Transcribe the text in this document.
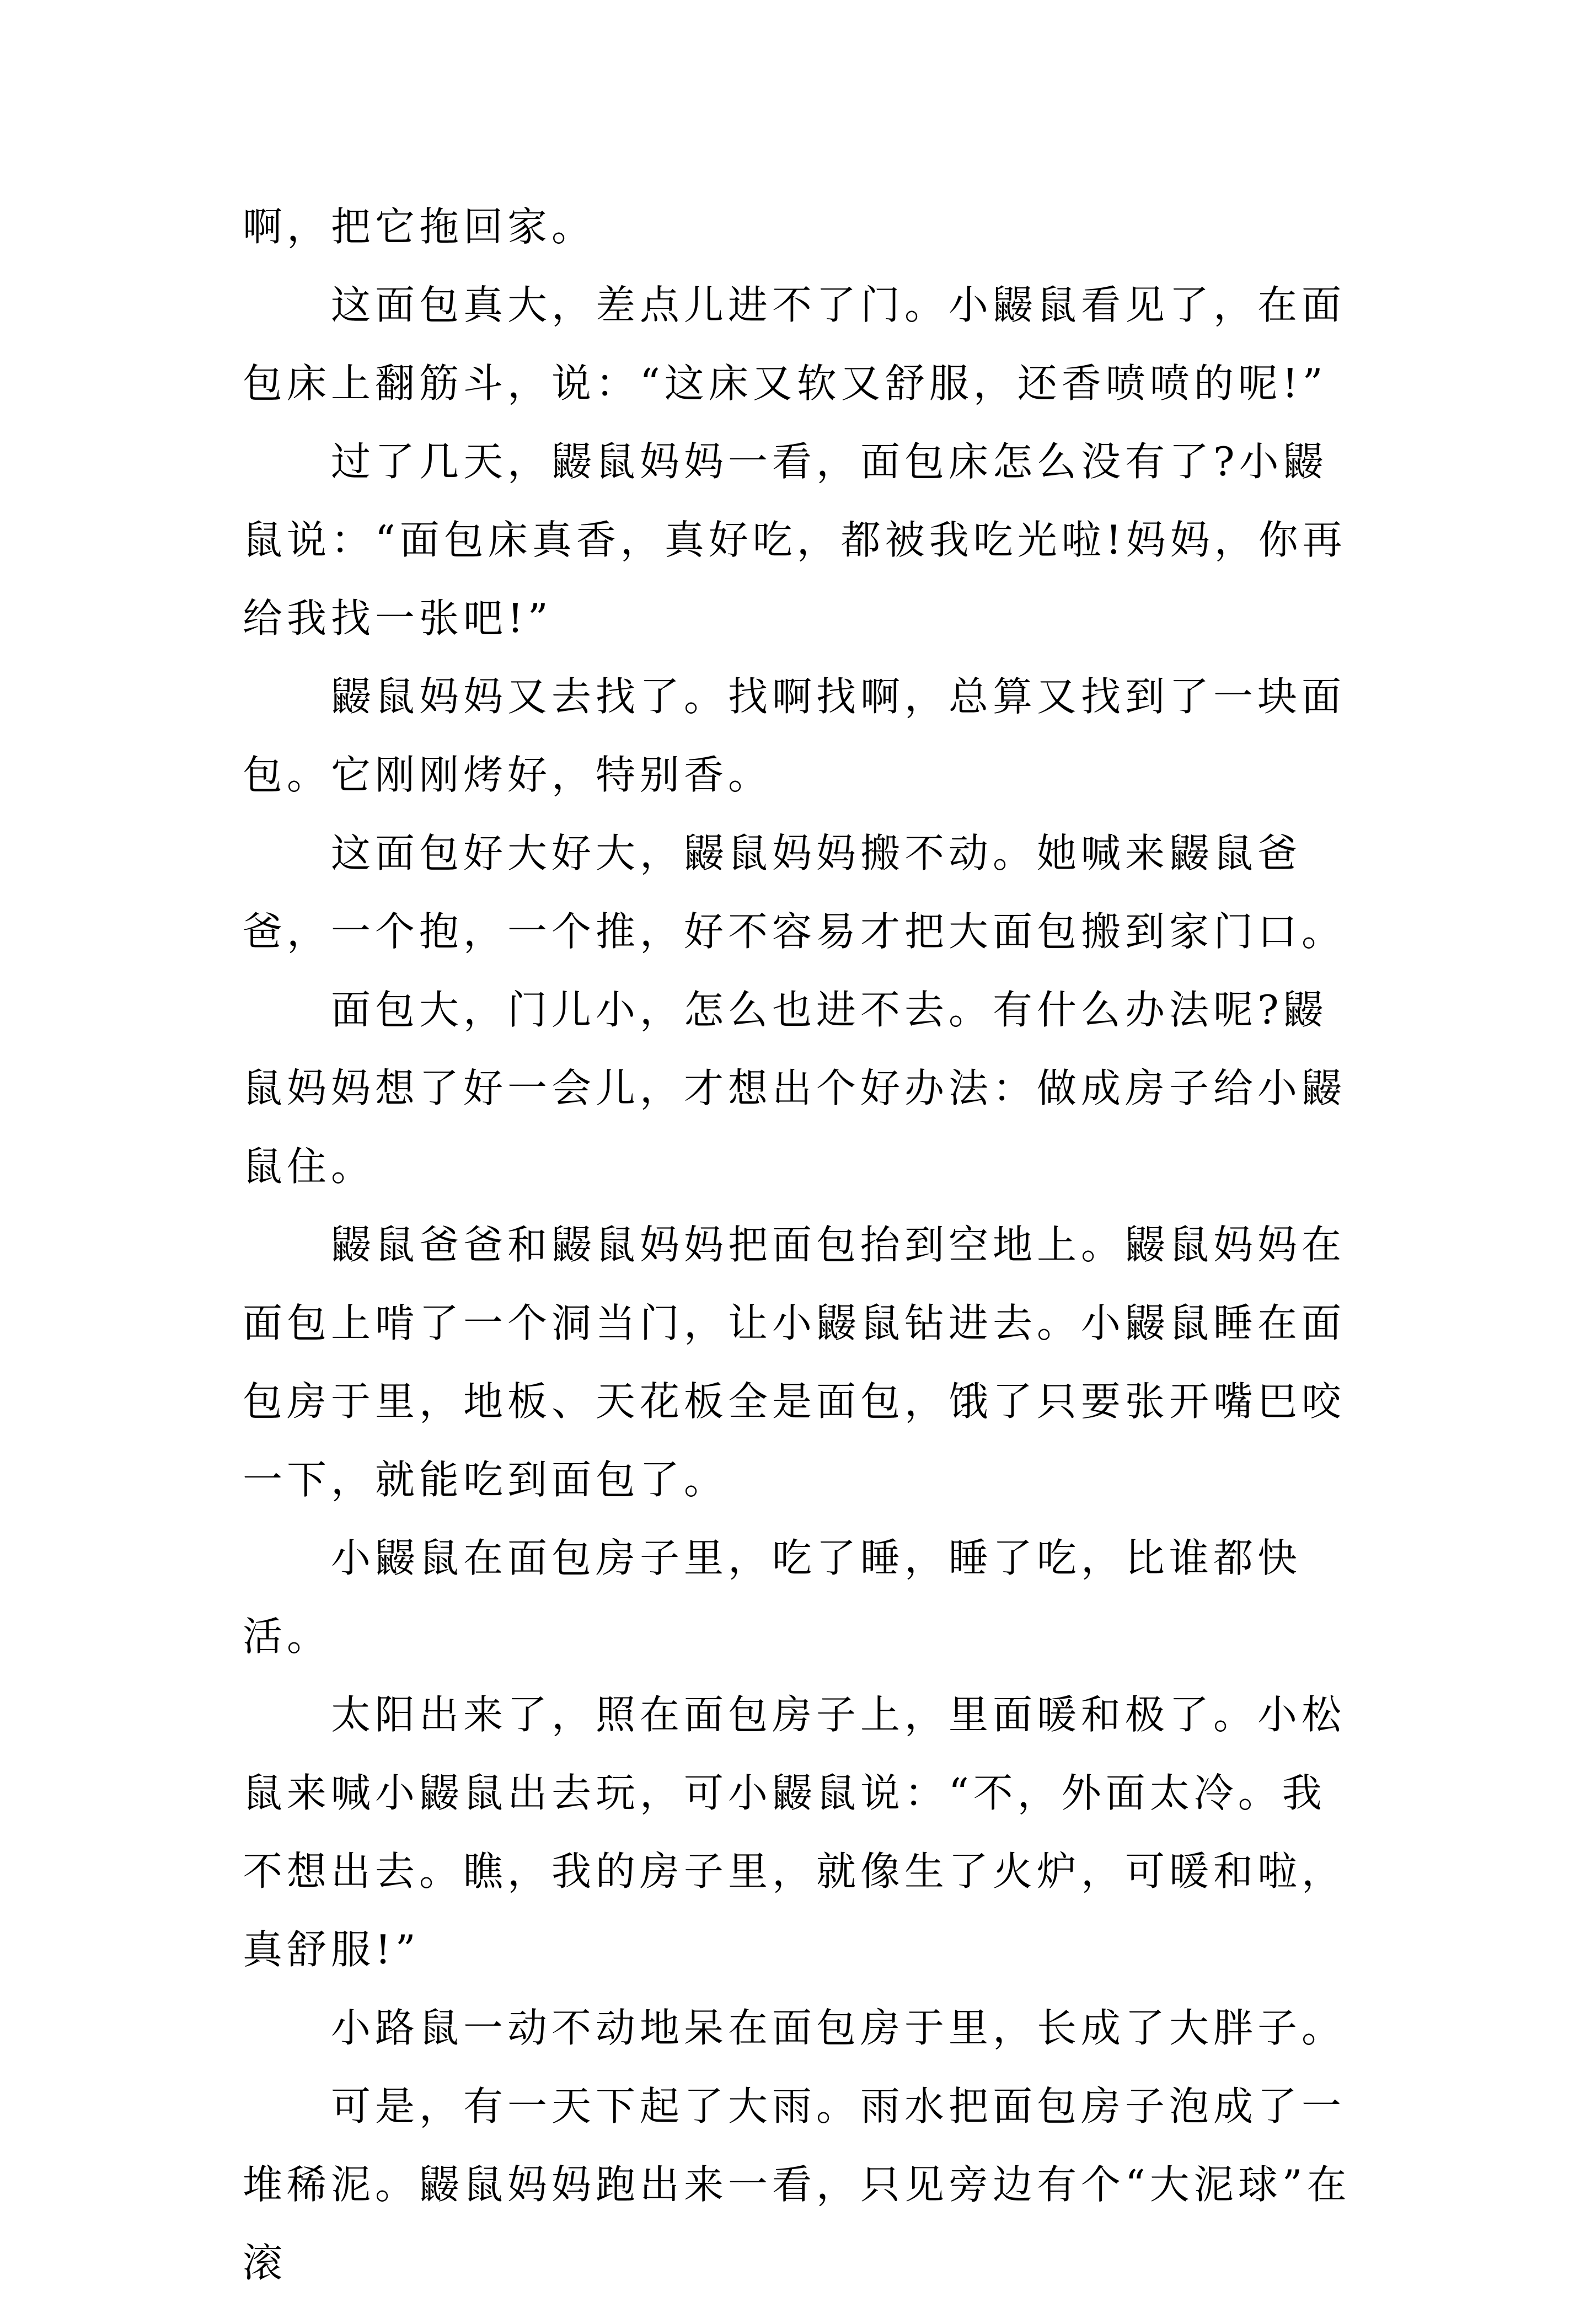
啊，把它拖回家。

这面包真大，差点儿进不了门。小鼹鼠看见了，在面包床上翻筋斗，说：“这床又软又舒服，还香喷喷的呢!”

过了几天，鼹鼠妈妈一看，面包床怎么没有了?小鼹鼠说：“面包床真香，真好吃，都被我吃光啦!妈妈，你再给我找一张吧!”

鼹鼠妈妈又去找了。找啊找啊，总算又找到了一块面包。它刚刚烤好，特别香。

这面包好大好大，鼹鼠妈妈搬不动。她喊来鼹鼠爸爸，一个抱，一个推，好不容易才把大面包搬到家门口。

面包大，门儿小，怎么也进不去。有什么办法呢?鼹鼠妈妈想了好一会儿，才想出个好办法：做成房子给小鼹鼠住。

鼹鼠爸爸和鼹鼠妈妈把面包抬到空地上。鼹鼠妈妈在面包上啃了一个洞当门，让小鼹鼠钻进去。小鼹鼠睡在面包房于里，地板、天花板全是面包，饿了只要张开嘴巴咬一下，就能吃到面包了。

小鼹鼠在面包房子里，吃了睡，睡了吃，比谁都快活。

太阳出来了，照在面包房子上，里面暖和极了。小松鼠来喊小鼹鼠出去玩，可小鼹鼠说：“不，外面太冷。我不想出去。瞧，我的房子里，就像生了火炉，可暖和啦，真舒服!”

小路鼠一动不动地呆在面包房于里，长成了大胖子。

可是，有一天下起了大雨。雨水把面包房子泡成了一堆稀泥。鼹鼠妈妈跑出来一看，只见旁边有个“大泥球”在滚
